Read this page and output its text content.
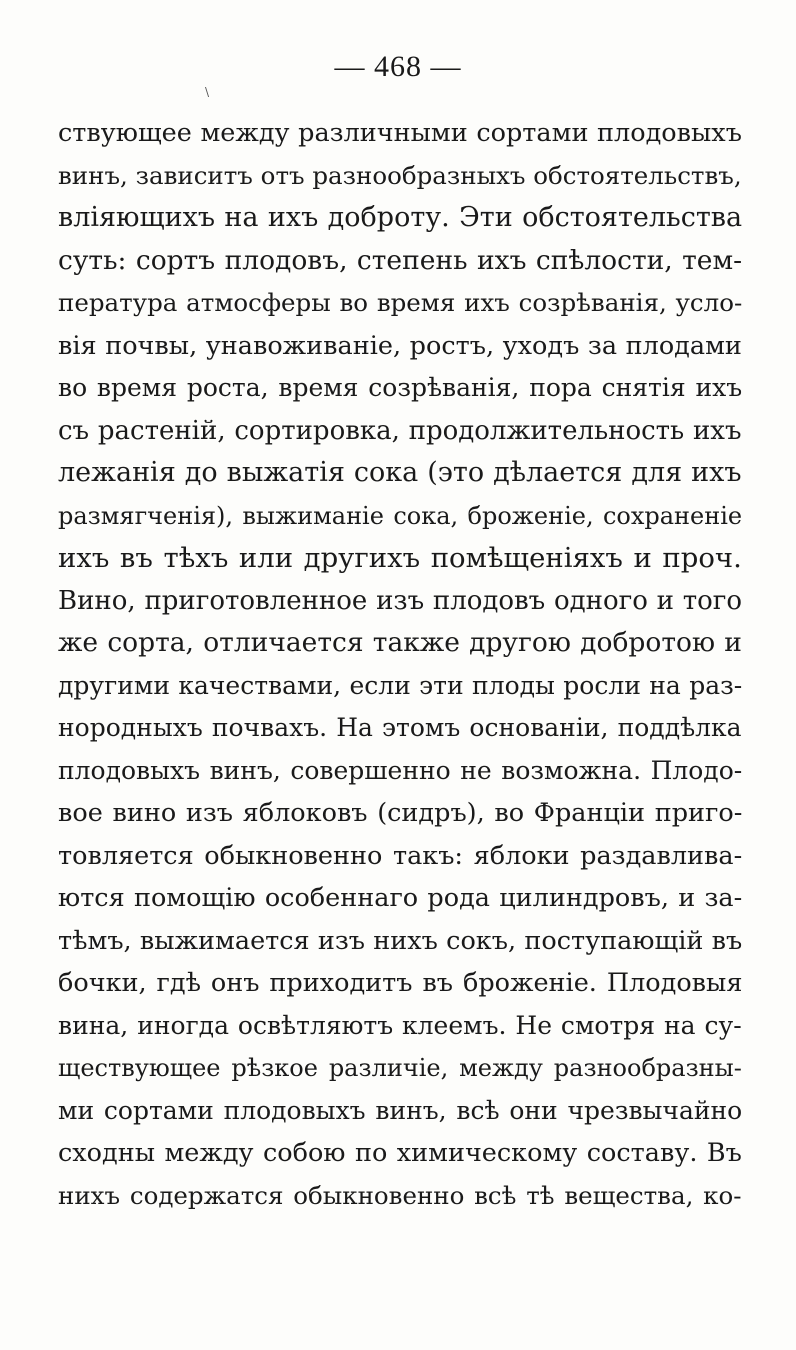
— 468 —
\
ствующее между различными сортами плодовыхъ
винъ, зависитъ отъ разнообразныхъ обстоятельствъ,
вліяющихъ на ихъ доброту. Эти обстоятельства
суть: сортъ плодовъ, степень ихъ спѣлости, тем-
пература атмосферы во время ихъ созрѣванія, усло-
вія почвы, унавоживаніе, ростъ, уходъ за плодами
во время роста, время созрѣванія, пора снятія ихъ
съ растеній, сортировка, продолжительность ихъ
лежанія до выжатія сока (это дѣлается для ихъ
размягченія), выжиманіе сока, броженіе, сохраненіе
ихъ въ тѣхъ или другихъ помѣщеніяхъ и проч.
Вино, приготовленное изъ плодовъ одного и того
же сорта, отличается также другою добротою и
другими качествами, если эти плоды росли на раз-
нородныхъ почвахъ. На этомъ основаніи, поддѣлка
плодовыхъ винъ, совершенно не возможна. Плодо-
вое вино изъ яблоковъ (сидръ), во Франціи приго-
товляется обыкновенно такъ: яблоки раздавлива-
ются помощію особеннаго рода цилиндровъ, и за-
тѣмъ, выжимается изъ нихъ сокъ, поступающій въ
бочки, гдѣ онъ приходитъ въ броженіе. Плодовыя
вина, иногда освѣтляютъ клеемъ. Не смотря на су-
ществующее рѣзкое различіе, между разнообразны-
ми сортами плодовыхъ винъ, всѣ они чрезвычайно
сходны между собою по химическому составу. Въ
нихъ содержатся обыкновенно всѣ тѣ вещества, ко-
